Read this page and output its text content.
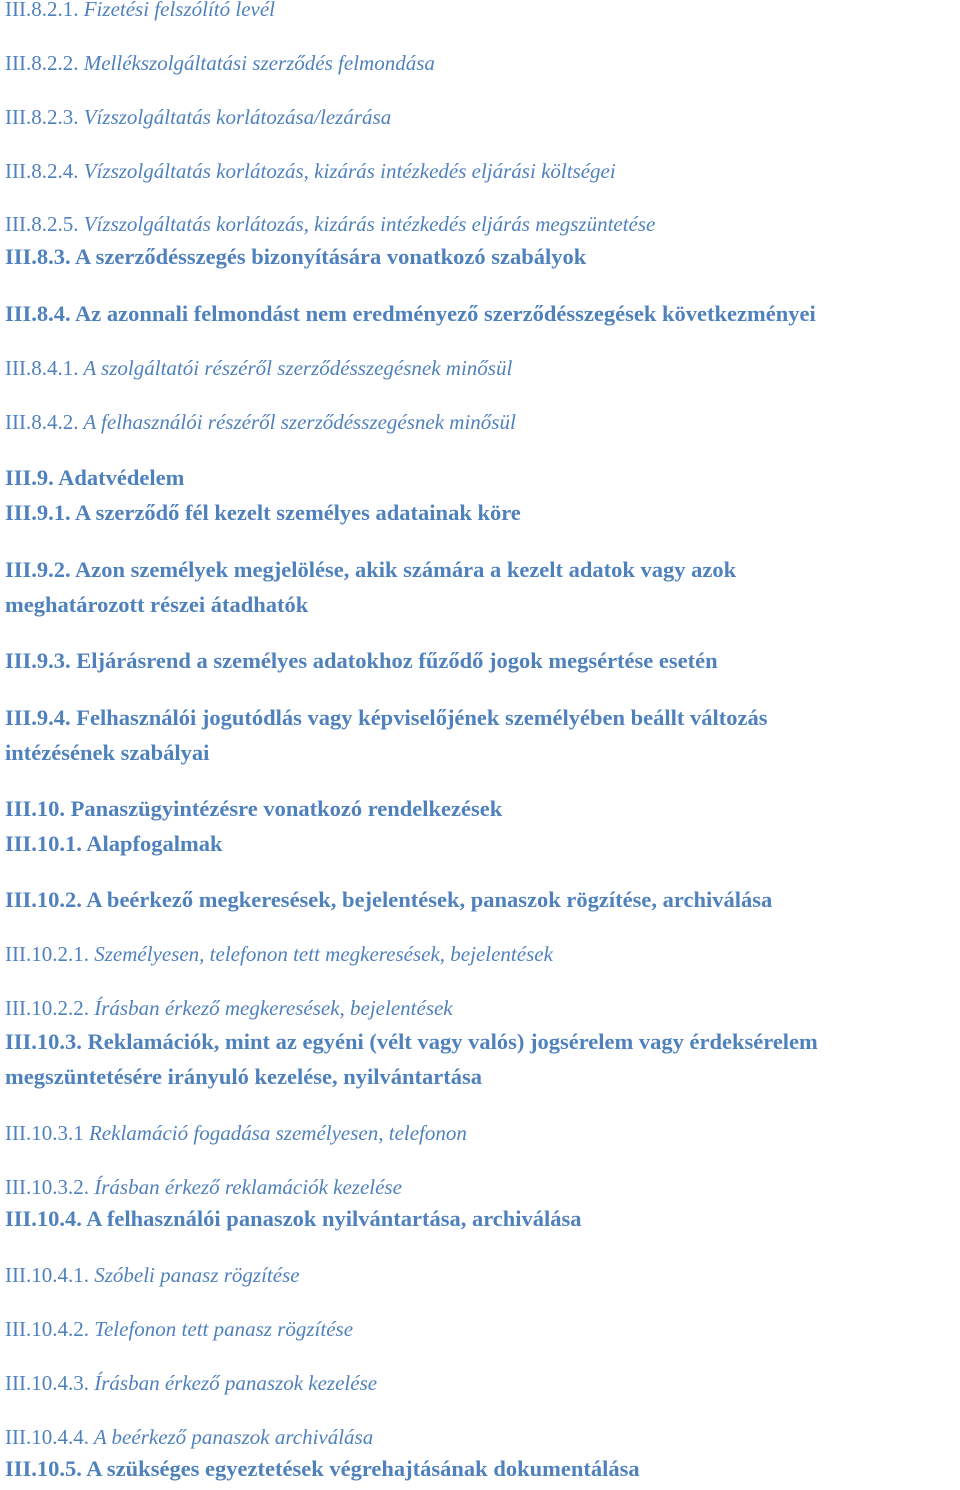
III.8.2.1. Fizetési felszólító levél

III.8.2.2. Mellékszolgáltatási szerződés felmondása

III.8.2.3. Vízszolgáltatás korlátozása/lezárása

III.8.2.4. Vízszolgáltatás korlátozás, kizárás intézkedés eljárási költségei

III.8.2.5. Vízszolgáltatás korlátozás, kizárás intézkedés eljárás megszüntetése

III.8.3. A szerződésszegés bizonyítására vonatkozó szabályok

III.8.4. Az azonnali felmondást nem eredményező szerződésszegések következményei

III.8.4.1. A szolgáltatói részéről szerződésszegésnek minősül

III.8.4.2. A felhasználói részéről szerződésszegésnek minősül

III.9. Adatvédelem

III.9.1. A szerződő fél kezelt személyes adatainak köre

III.9.2. Azon személyek megjelölése, akik számára a kezelt adatok vagy azok

meghatározott részei átadhatók

III.9.3. Eljárásrend a személyes adatokhoz fűződő jogok megsértése esetén

III.9.4. Felhasználói jogutódlás vagy képviselőjének személyében beállt változás

intézésének szabályai

III.10. Panaszügyintézésre vonatkozó rendelkezések

III.10.1. Alapfogalmak

III.10.2. A beérkező megkeresések, bejelentések, panaszok rögzítése, archiválása

III.10.2.1. Személyesen, telefonon tett megkeresések, bejelentések

III.10.2.2. Írásban érkező megkeresések, bejelentések

III.10.3. Reklamációk, mint az egyéni (vélt vagy valós) jogsérelem vagy érdeksérelem

megszüntetésére irányuló kezelése, nyilvántartása

III.10.3.1 Reklamáció fogadása személyesen, telefonon

III.10.3.2. Írásban érkező reklamációk kezelése

III.10.4. A felhasználói panaszok nyilvántartása, archiválása

III.10.4.1. Szóbeli panasz rögzítése

III.10.4.2. Telefonon tett panasz rögzítése

III.10.4.3. Írásban érkező panaszok kezelése

III.10.4.4. A beérkező panaszok archiválása

III.10.5. A szükséges egyeztetések végrehajtásának dokumentálása
